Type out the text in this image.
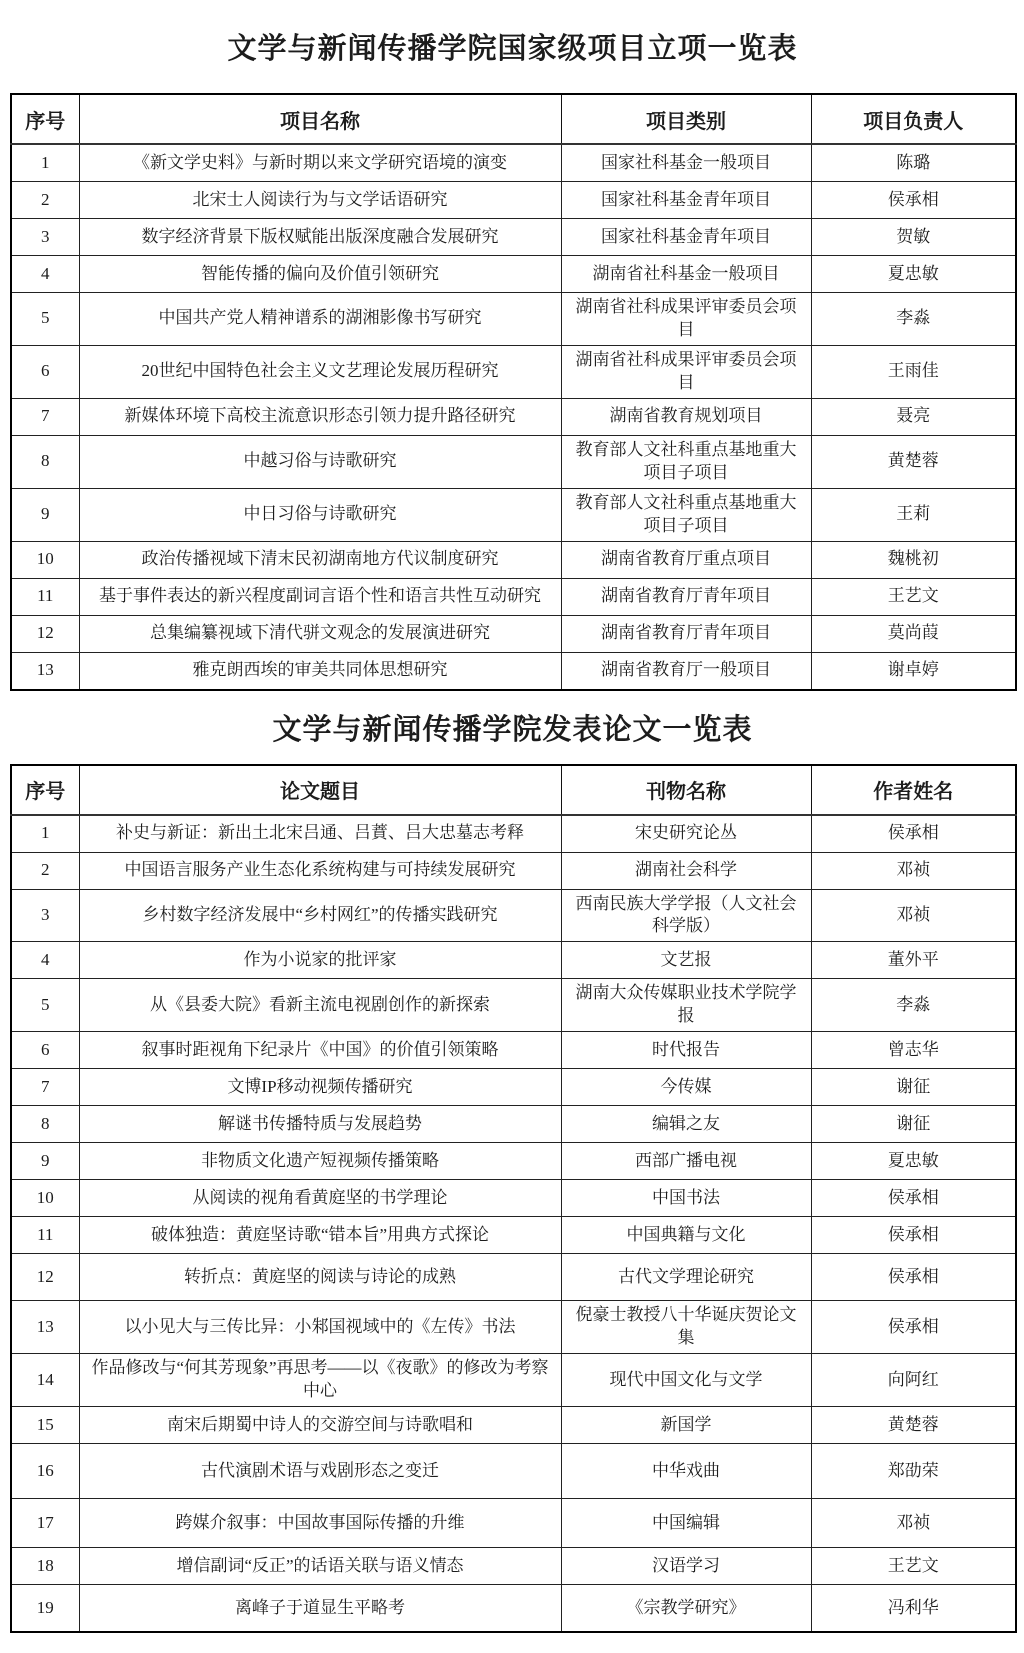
文学与新闻传播学院国家级项目立项一览表
序号	项目名称	项目类别	项目负责人
1	《新文学史料》与新时期以来文学研究语境的演变	国家社科基金一般项目	陈璐
2	北宋士人阅读行为与文学话语研究	国家社科基金青年项目	侯承相
3	数字经济背景下版权赋能出版深度融合发展研究	国家社科基金青年项目	贺敏
4	智能传播的偏向及价值引领研究	湖南省社科基金一般项目	夏忠敏
5	中国共产党人精神谱系的湖湘影像书写研究	湖南省社科成果评审委员会项目	李淼
6	20世纪中国特色社会主义文艺理论发展历程研究	湖南省社科成果评审委员会项目	王雨佳
7	新媒体环境下高校主流意识形态引领力提升路径研究	湖南省教育规划项目	聂亮
8	中越习俗与诗歌研究	教育部人文社科重点基地重大项目子项目	黄楚蓉
9	中日习俗与诗歌研究	教育部人文社科重点基地重大项目子项目	王莉
10	政治传播视域下清末民初湖南地方代议制度研究	湖南省教育厅重点项目	魏桃初
11	基于事件表达的新兴程度副词言语个性和语言共性互动研究	湖南省教育厅青年项目	王艺文
12	总集编纂视域下清代骈文观念的发展演进研究	湖南省教育厅青年项目	莫尚葭
13	雅克朗西埃的审美共同体思想研究	湖南省教育厅一般项目	谢卓婷
文学与新闻传播学院发表论文一览表
序号	论文题目	刊物名称	作者姓名
1	补史与新证：新出土北宋吕通、吕蕡、吕大忠墓志考释	宋史研究论丛	侯承相
2	中国语言服务产业生态化系统构建与可持续发展研究	湖南社会科学	邓祯
3	乡村数字经济发展中“乡村网红”的传播实践研究	西南民族大学学报（人文社会科学版）	邓祯
4	作为小说家的批评家	文艺报	董外平
5	从《县委大院》看新主流电视剧创作的新探索	湖南大众传媒职业技术学院学报	李淼
6	叙事时距视角下纪录片《中国》的价值引领策略	时代报告	曾志华
7	文博IP移动视频传播研究	今传媒	谢征
8	解谜书传播特质与发展趋势	编辑之友	谢征
9	非物质文化遗产短视频传播策略	西部广播电视	夏忠敏
10	从阅读的视角看黄庭坚的书学理论	中国书法	侯承相
11	破体独造：黄庭坚诗歌“错本旨”用典方式探论	中国典籍与文化	侯承相
12	转折点：黄庭坚的阅读与诗论的成熟	古代文学理论研究	侯承相
13	以小见大与三传比异：小邾国视域中的《左传》书法	倪豪士教授八十华诞庆贺论文集	侯承相
14	作品修改与“何其芳现象”再思考——以《夜歌》的修改为考察中心	现代中国文化与文学	向阿红
15	南宋后期蜀中诗人的交游空间与诗歌唱和	新国学	黄楚蓉
16	古代演剧术语与戏剧形态之变迁	中华戏曲	郑劭荣
17	跨媒介叙事：中国故事国际传播的升维	中国编辑	邓祯
18	增信副词“反正”的话语关联与语义情态	汉语学习	王艺文
19	离峰子于道显生平略考	《宗教学研究》	冯利华
